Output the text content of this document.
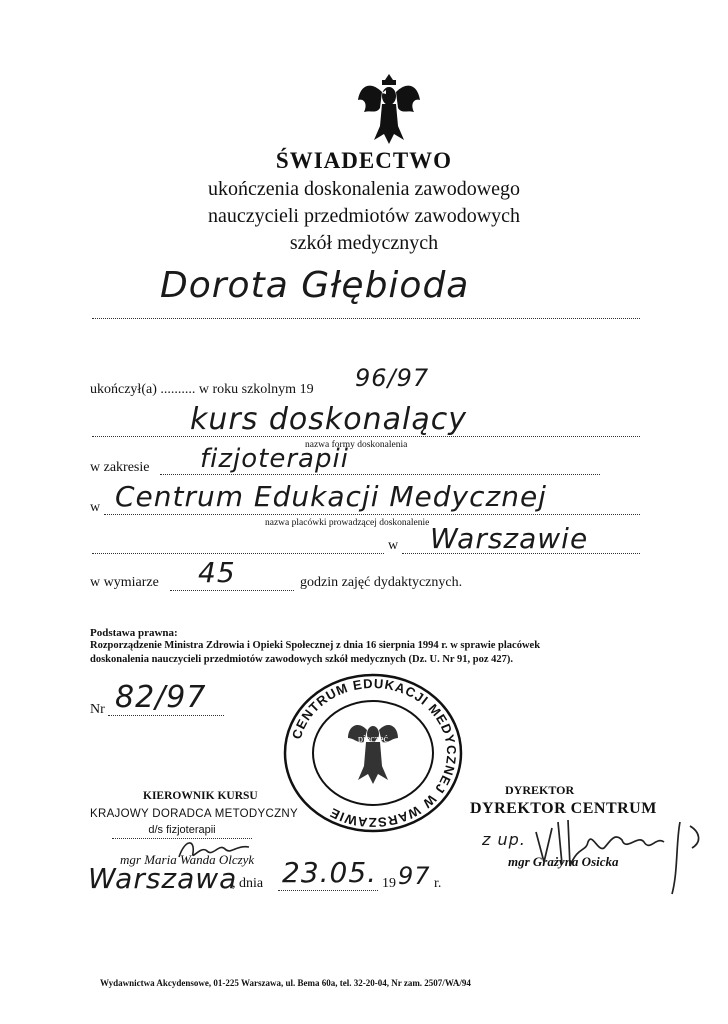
ŚWIADECTWO
ukończenia doskonalenia zawodowego
nauczycieli przedmiotów zawodowych
szkół medycznych
Dorota Głębioda
ukończył(a) .......... w roku szkolnym 19 96/97
kurs doskonalący
nazwa formy doskonalenia
w zakresie fizjoterapii
w Centrum Edukacji Medycznej
nazwa placówki prowadzącej doskonalenie
w Warszawie
w wymiarze 45	godzin zajęć dydaktycznych.
Podstawa prawna:
Rozporządzenie Ministra Zdrowia i Opieki Społecznej z dnia 16 sierpnia 1994 r. w sprawie placówek
doskonalenia nauczycieli przedmiotów zawodowych szkół medycznych (Dz. U. Nr 91, poz 427).
Nr 82/97
CENTRUM EDUKACJI MEDYCZNEJ W WARSZAWIE
pieczęć
KIEROWNIK KURSU
KRAJOWY DORADCA METODYCZNY
d/s fizjoterapii
mgr Maria Wanda Olczyk
DYREKTOR
DYREKTOR CENTRUM
z up.
mgr Grażyna Osicka
Warszawa
, dnia 23.05. 19 97 r.
Wydawnictwa Akcydensowe, 01-225 Warszawa, ul. Bema 60a, tel. 32-20-04, Nr zam. 2507/WA/94
